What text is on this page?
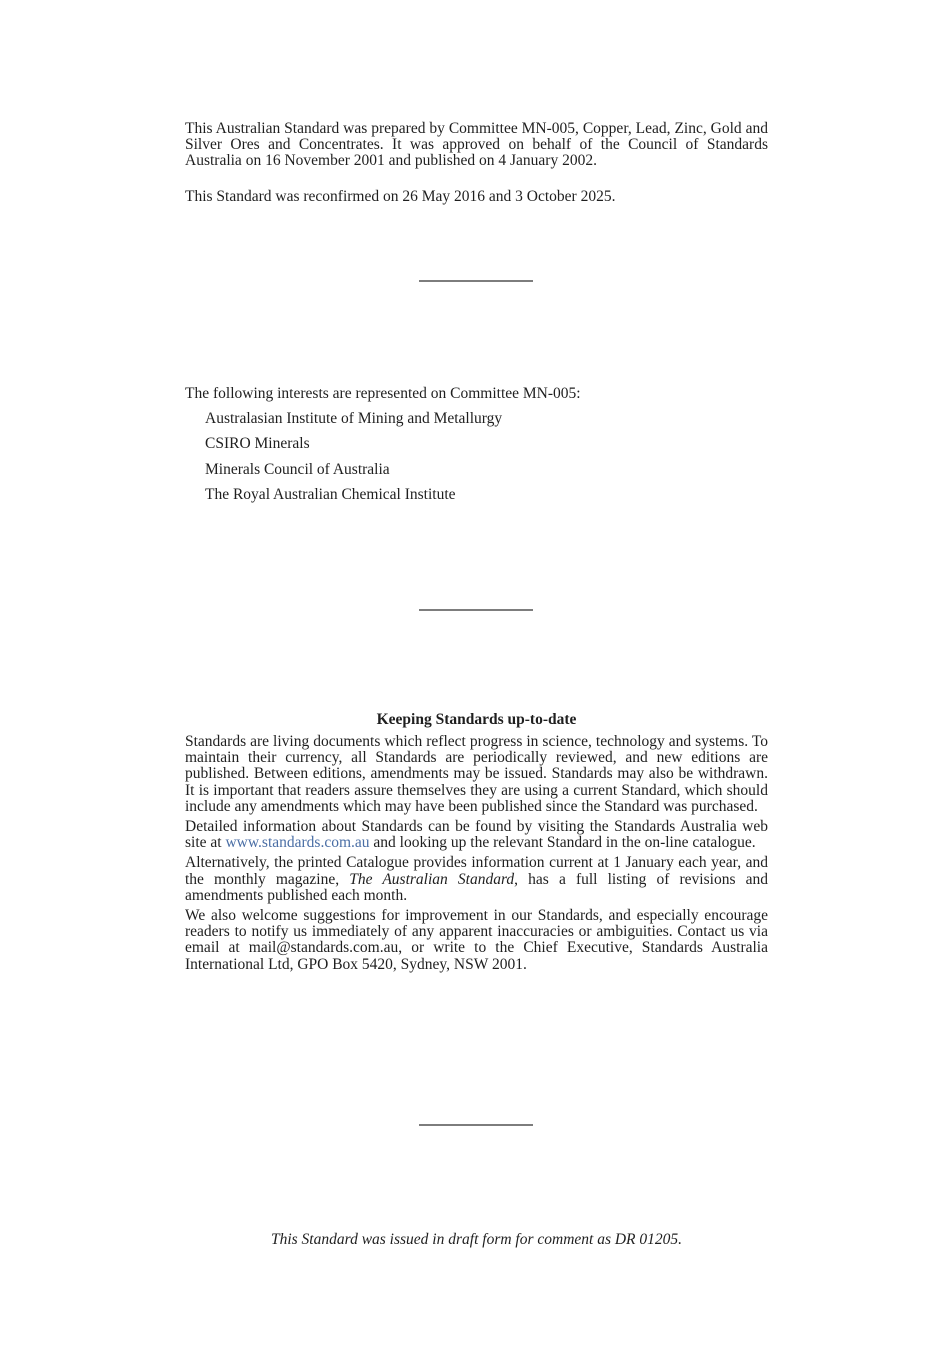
This Australian Standard was prepared by Committee MN-005, Copper, Lead, Zinc, Gold and Silver Ores and Concentrates. It was approved on behalf of the Council of Standards Australia on 16 November 2001 and published on 4 January 2002.

This Standard was reconfirmed on 26 May 2016 and 3 October 2025.

The following interests are represented on Committee MN-005:

Australasian Institute of Mining and Metallurgy
CSIRO Minerals
Minerals Council of Australia
The Royal Australian Chemical Institute

Keeping Standards up-to-date

Standards are living documents which reflect progress in science, technology and systems. To maintain their currency, all Standards are periodically reviewed, and new editions are published. Between editions, amendments may be issued. Standards may also be withdrawn. It is important that readers assure themselves they are using a current Standard, which should include any amendments which may have been published since the Standard was purchased.

Detailed information about Standards can be found by visiting the Standards Australia web site at www.standards.com.au and looking up the relevant Standard in the on-line catalogue.

Alternatively, the printed Catalogue provides information current at 1 January each year, and the monthly magazine, The Australian Standard, has a full listing of revisions and amendments published each month.

We also welcome suggestions for improvement in our Standards, and especially encourage readers to notify us immediately of any apparent inaccuracies or ambiguities. Contact us via email at mail@standards.com.au, or write to the Chief Executive, Standards Australia International Ltd, GPO Box 5420, Sydney, NSW 2001.

This Standard was issued in draft form for comment as DR 01205.
